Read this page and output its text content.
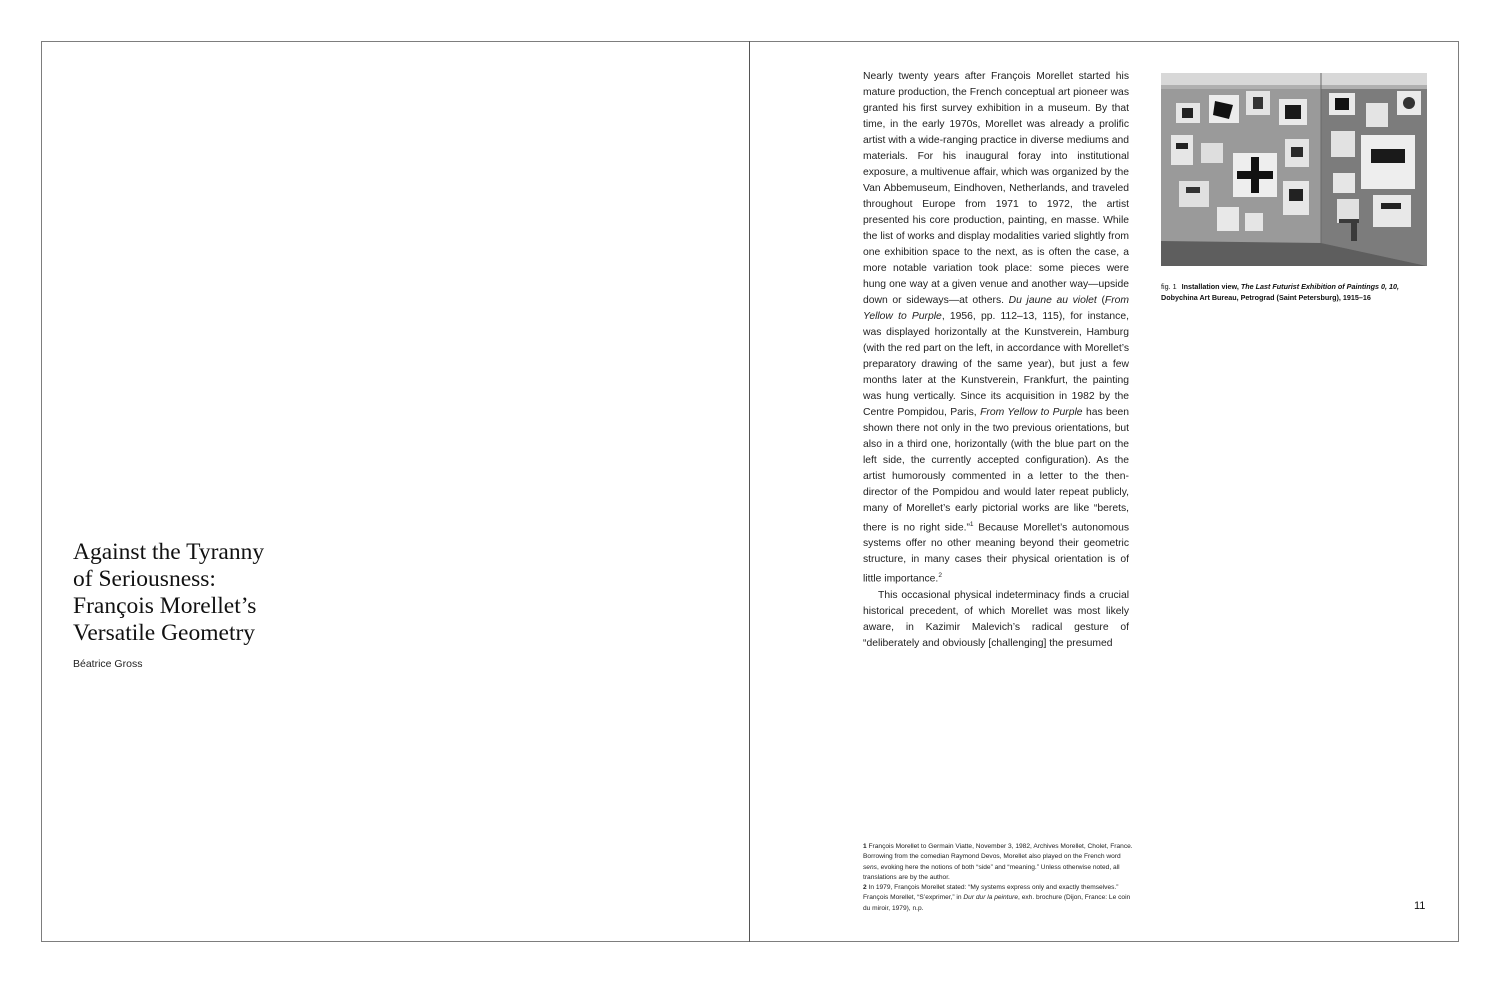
Against the Tyranny
of Seriousness:
François Morellet’s
Versatile Geometry
Béatrice Gross

Nearly twenty years after François Morellet started his mature production, the French conceptual art pioneer was granted his first survey exhibition in a museum. By that time, in the early 1970s, Morellet was already a prolific artist with a wide-ranging practice in diverse mediums and materials. For his inaugural foray into institutional exposure, a multivenue affair, which was organized by the Van Abbemuseum, Eindhoven, Netherlands, and traveled throughout Europe from 1971 to 1972, the artist presented his core production, painting, en masse. While the list of works and display modalities varied slightly from one exhibition space to the next, as is often the case, a more notable variation took place: some pieces were hung one way at a given venue and another way—upside down or sideways—at others. Du jaune au violet (From Yellow to Purple, 1956, pp. 112–13, 115), for instance, was displayed horizontally at the Kunstverein, Hamburg (with the red part on the left, in accordance with Morellet’s preparatory drawing of the same year), but just a few months later at the Kunstverein, Frankfurt, the painting was hung vertically. Since its acquisition in 1982 by the Centre Pompidou, Paris, From Yellow to Purple has been shown there not only in the two previous orientations, but also in a third one, horizontally (with the blue part on the left side, the currently accepted configuration). As the artist humorously commented in a letter to the then-director of the Pompidou and would later repeat publicly, many of Morellet’s early pictorial works are like “berets, there is no right side.”$^1$ Because Morellet’s autonomous systems offer no other meaning beyond their geometric structure, in many cases their physical orientation is of little importance.$^2$

This occasional physical indeterminacy finds a crucial historical precedent, of which Morellet was most likely aware, in Kazimir Malevich’s radical gesture of “deliberately and obviously [challenging] the presumed

fig. 1 Installation view, The Last Futurist Exhibition of Paintings 0, 10, Dobychina Art Bureau, Petrograd (Saint Petersburg), 1915–16

1 François Morellet to Germain Viatte, November 3, 1982, Archives Morellet, Cholet, France. Borrowing from the comedian Raymond Devos, Morellet also played on the French word sens, evoking here the notions of both “side” and “meaning.” Unless otherwise noted, all translations are by the author.

2 In 1979, François Morellet stated: “My systems express only and exactly themselves.” François Morellet, “S’exprimer,” in Dur dur la peinture, exh. brochure (Dijon, France: Le coin du miroir, 1979), n.p.	11
